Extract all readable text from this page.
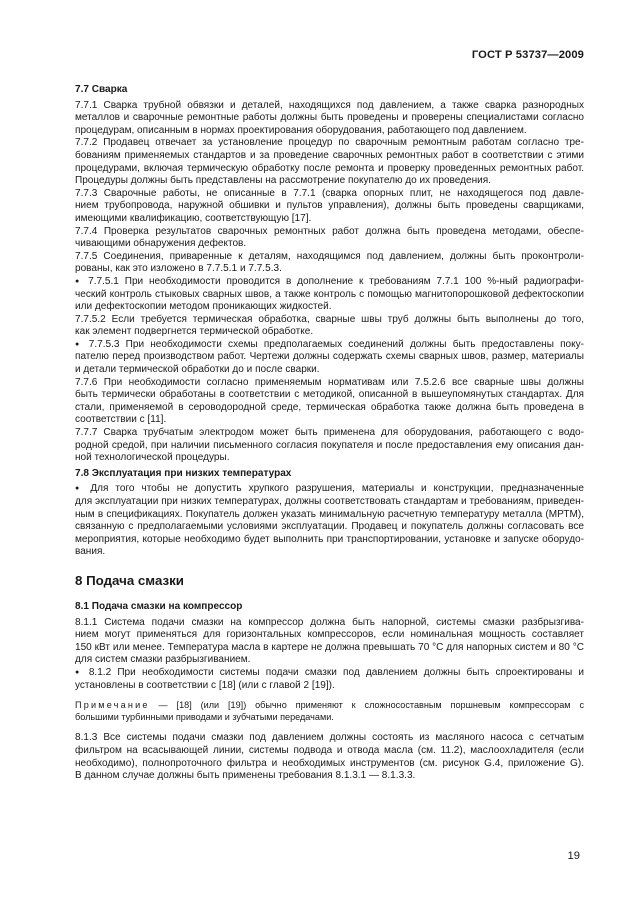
ГОСТ Р 53737—2009

7.7 Сварка

7.7.1 Сварка трубной обвязки и деталей, находящихся под давлением, а также сварка разнородных
металлов и сварочные ремонтные работы должны быть проведены и проверены специалистами согласно
процедурам, описанным в нормах проектирования оборудования, работающего под давлением.

7.7.2 Продавец отвечает за установление процедур по сварочным ремонтным работам согласно тре-
бованиям применяемых стандартов и за проведение сварочных ремонтных работ в соответствии с этими
процедурами, включая термическую обработку после ремонта и проверку проведенных ремонтных работ.
Процедуры должны быть представлены на рассмотрение покупателю до их проведения.

7.7.3 Сварочные работы, не описанные в 7.7.1 (сварка опорных плит, не находящегося под давле-
нием трубопровода, наружной обшивки и пультов управления), должны быть проведены сварщиками,
имеющими квалификацию, соответствующую [17].

7.7.4 Проверка результатов сварочных ремонтных работ должна быть проведена методами, обеспе-
чивающими обнаружения дефектов.

7.7.5 Соединения, приваренные к деталям, находящимся под давлением, должны быть проконтроли-
рованы, как это изложено в 7.7.5.1 и 7.7.5.3.

● 7.7.5.1 При необходимости проводится в дополнение к требованиям 7.7.1 100 %-ный радиографи-
ческий контроль стыковых сварных швов, а также контроль с помощью магнитопорошковой дефектоскопии
или дефектоскопии методом проникающих жидкостей.

7.7.5.2 Если требуется термическая обработка, сварные швы труб должны быть выполнены до того,
как элемент подвергнется термической обработке.

● 7.7.5.3 При необходимости схемы предполагаемых соединений должны быть предоставлены поку-
пателю перед производством работ. Чертежи должны содержать схемы сварных швов, размер, материалы
и детали термической обработки до и после сварки.

7.7.6 При необходимости согласно применяемым нормативам или 7.5.2.6 все сварные швы должны
быть термически обработаны в соответствии с методикой, описанной в вышеупомянутых стандартах. Для
стали, применяемой в сероводородной среде, термическая обработка также должна быть проведена в
соответствии с [11].

7.7.7 Сварка трубчатым электродом может быть применена для оборудования, работающего с водо-
родной средой, при наличии письменного согласия покупателя и после предоставления ему описания дан-
ной технологической процедуры.

7.8 Эксплуатация при низких температурах

● Для того чтобы не допустить хрупкого разрушения, материалы и конструкции, предназначенные
для эксплуатации при низких температурах, должны соответствовать стандартам и требованиям, приведен-
ным в спецификациях. Покупатель должен указать минимальную расчетную температуру металла (МРТМ),
связанную с предполагаемыми условиями эксплуатации. Продавец и покупатель должны согласовать все
мероприятия, которые необходимо будет выполнить при транспортировании, установке и запуске оборудо-
вания.

8 Подача смазки

8.1 Подача смазки на компрессор

8.1.1 Система подачи смазки на компрессор должна быть напорной, системы смазки разбрызгива-
нием могут применяться для горизонтальных компрессоров, если номинальная мощность составляет
150 кВт или менее. Температура масла в картере не должна превышать 70 °С для напорных систем и 80 °С
для систем смазки разбрызгиванием.

● 8.1.2 При необходимости системы подачи смазки под давлением должны быть спроектированы и
установлены в соответствии с [18] (или с главой 2 [19]).

Примечание — [18] (или [19]) обычно применяют к сложносоставным поршневым компрессорам с
большими турбинными приводами и зубчатыми передачами.

8.1.3 Все системы подачи смазки под давлением должны состоять из масляного насоса с сетчатым
фильтром на всасывающей линии, системы подвода и отвода масла (см. 11.2), маслоохладителя (если
необходимо), полнопроточного фильтра и необходимых инструментов (см. рисунок G.4, приложение G).
В данном случае должны быть применены требования 8.1.3.1 — 8.1.3.3.

19
